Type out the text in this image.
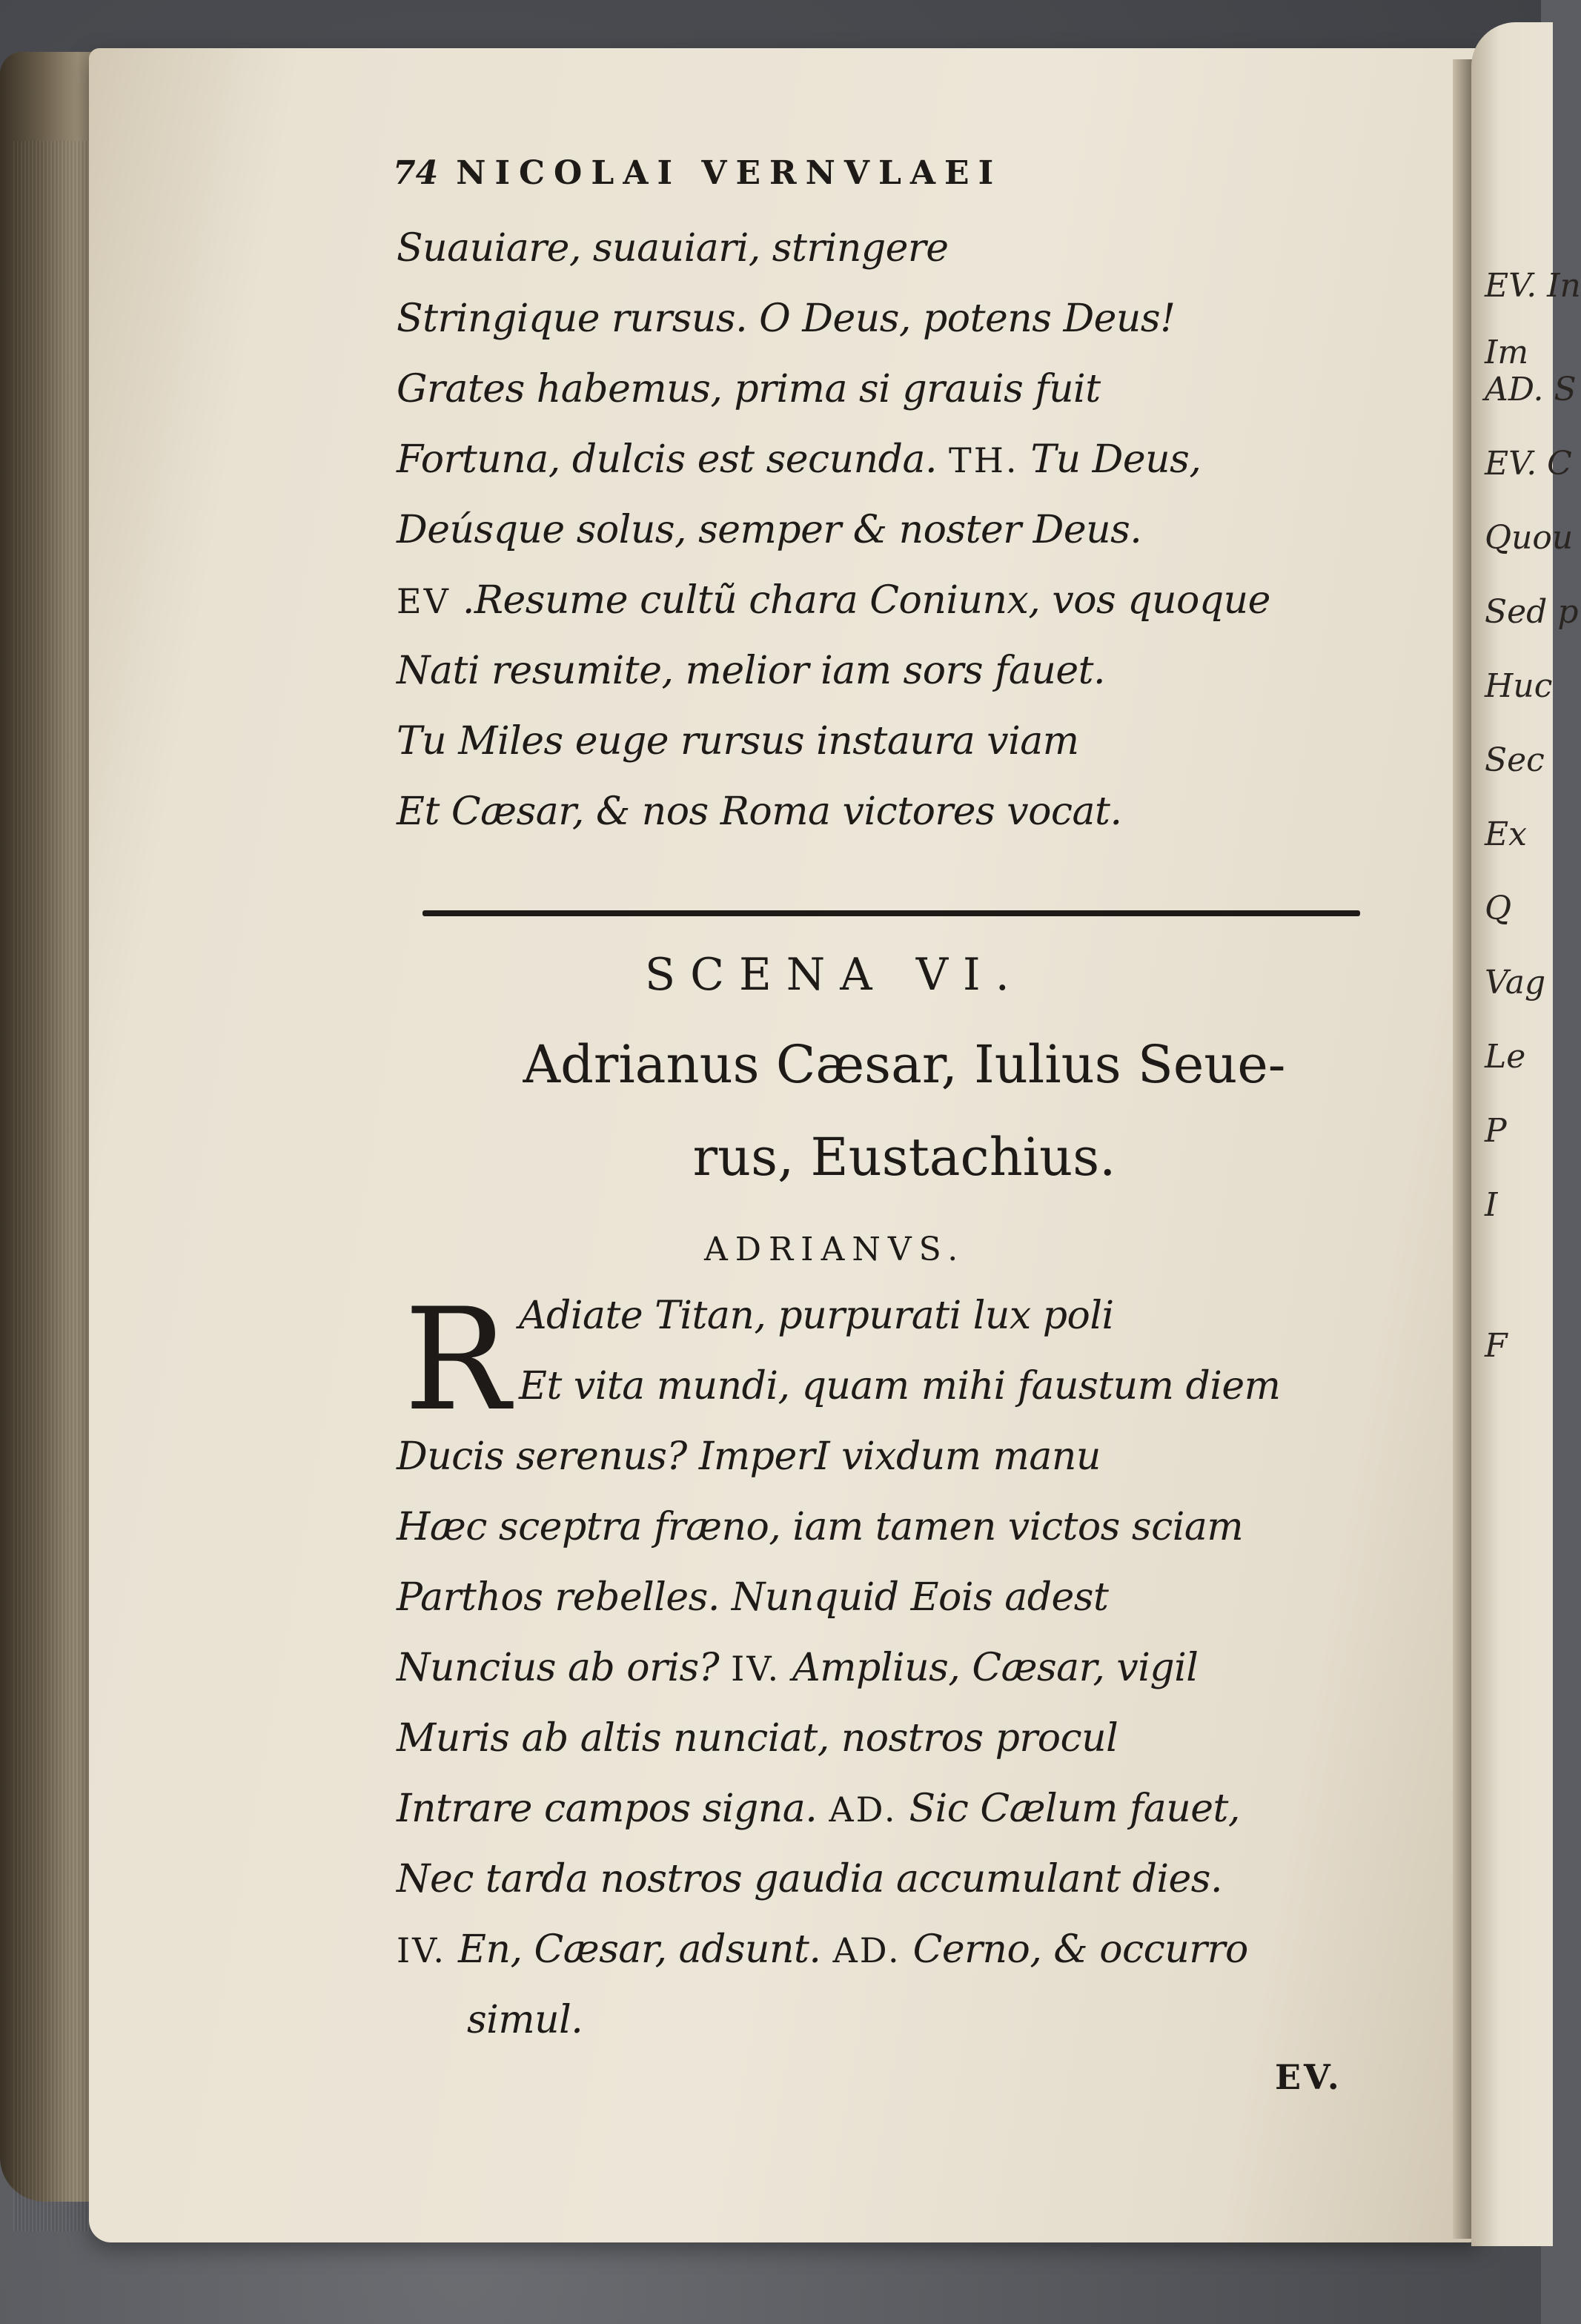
EV. In
Im
AD. S
EV. C
Quou
Sed p
Huc
Sec
Ex
Q
Vag
Le
P
I
F
74 NICOLAI VERNVLAEI
Suauiare, suauiari, stringere
Stringique rursus. O Deus, potens Deus!
Grates habemus, prima si grauis fuit
Fortuna, dulcis est secunda. TH. Tu Deus,
Deúsque solus, semper & noster Deus.
EV .Resume cultũ chara Coniunx, vos quoque
Nati resumite, melior iam sors fauet.
Tu Miles euge rursus instaura viam
Et Cæsar, & nos Roma victores vocat.
SCENA VI.
Adrianus Cæsar, Iulius Seue-
rus, Eustachius.
ADRIANVS.
R Adiate Titan, purpurati lux poli
Et vita mundi, quam mihi faustum diem
Ducis serenus? ImperI vixdum manu
Hæc sceptra fræno, iam tamen victos sciam
Parthos rebelles. Nunquid Eois adest
Nuncius ab oris? IV. Amplius, Cæsar, vigil
Muris ab altis nunciat, nostros procul
Intrare campos signa. AD. Sic Cælum fauet,
Nec tarda nostros gaudia accumulant dies.
IV. En, Cæsar, adsunt. AD. Cerno, & occurro
simul.
EV.
